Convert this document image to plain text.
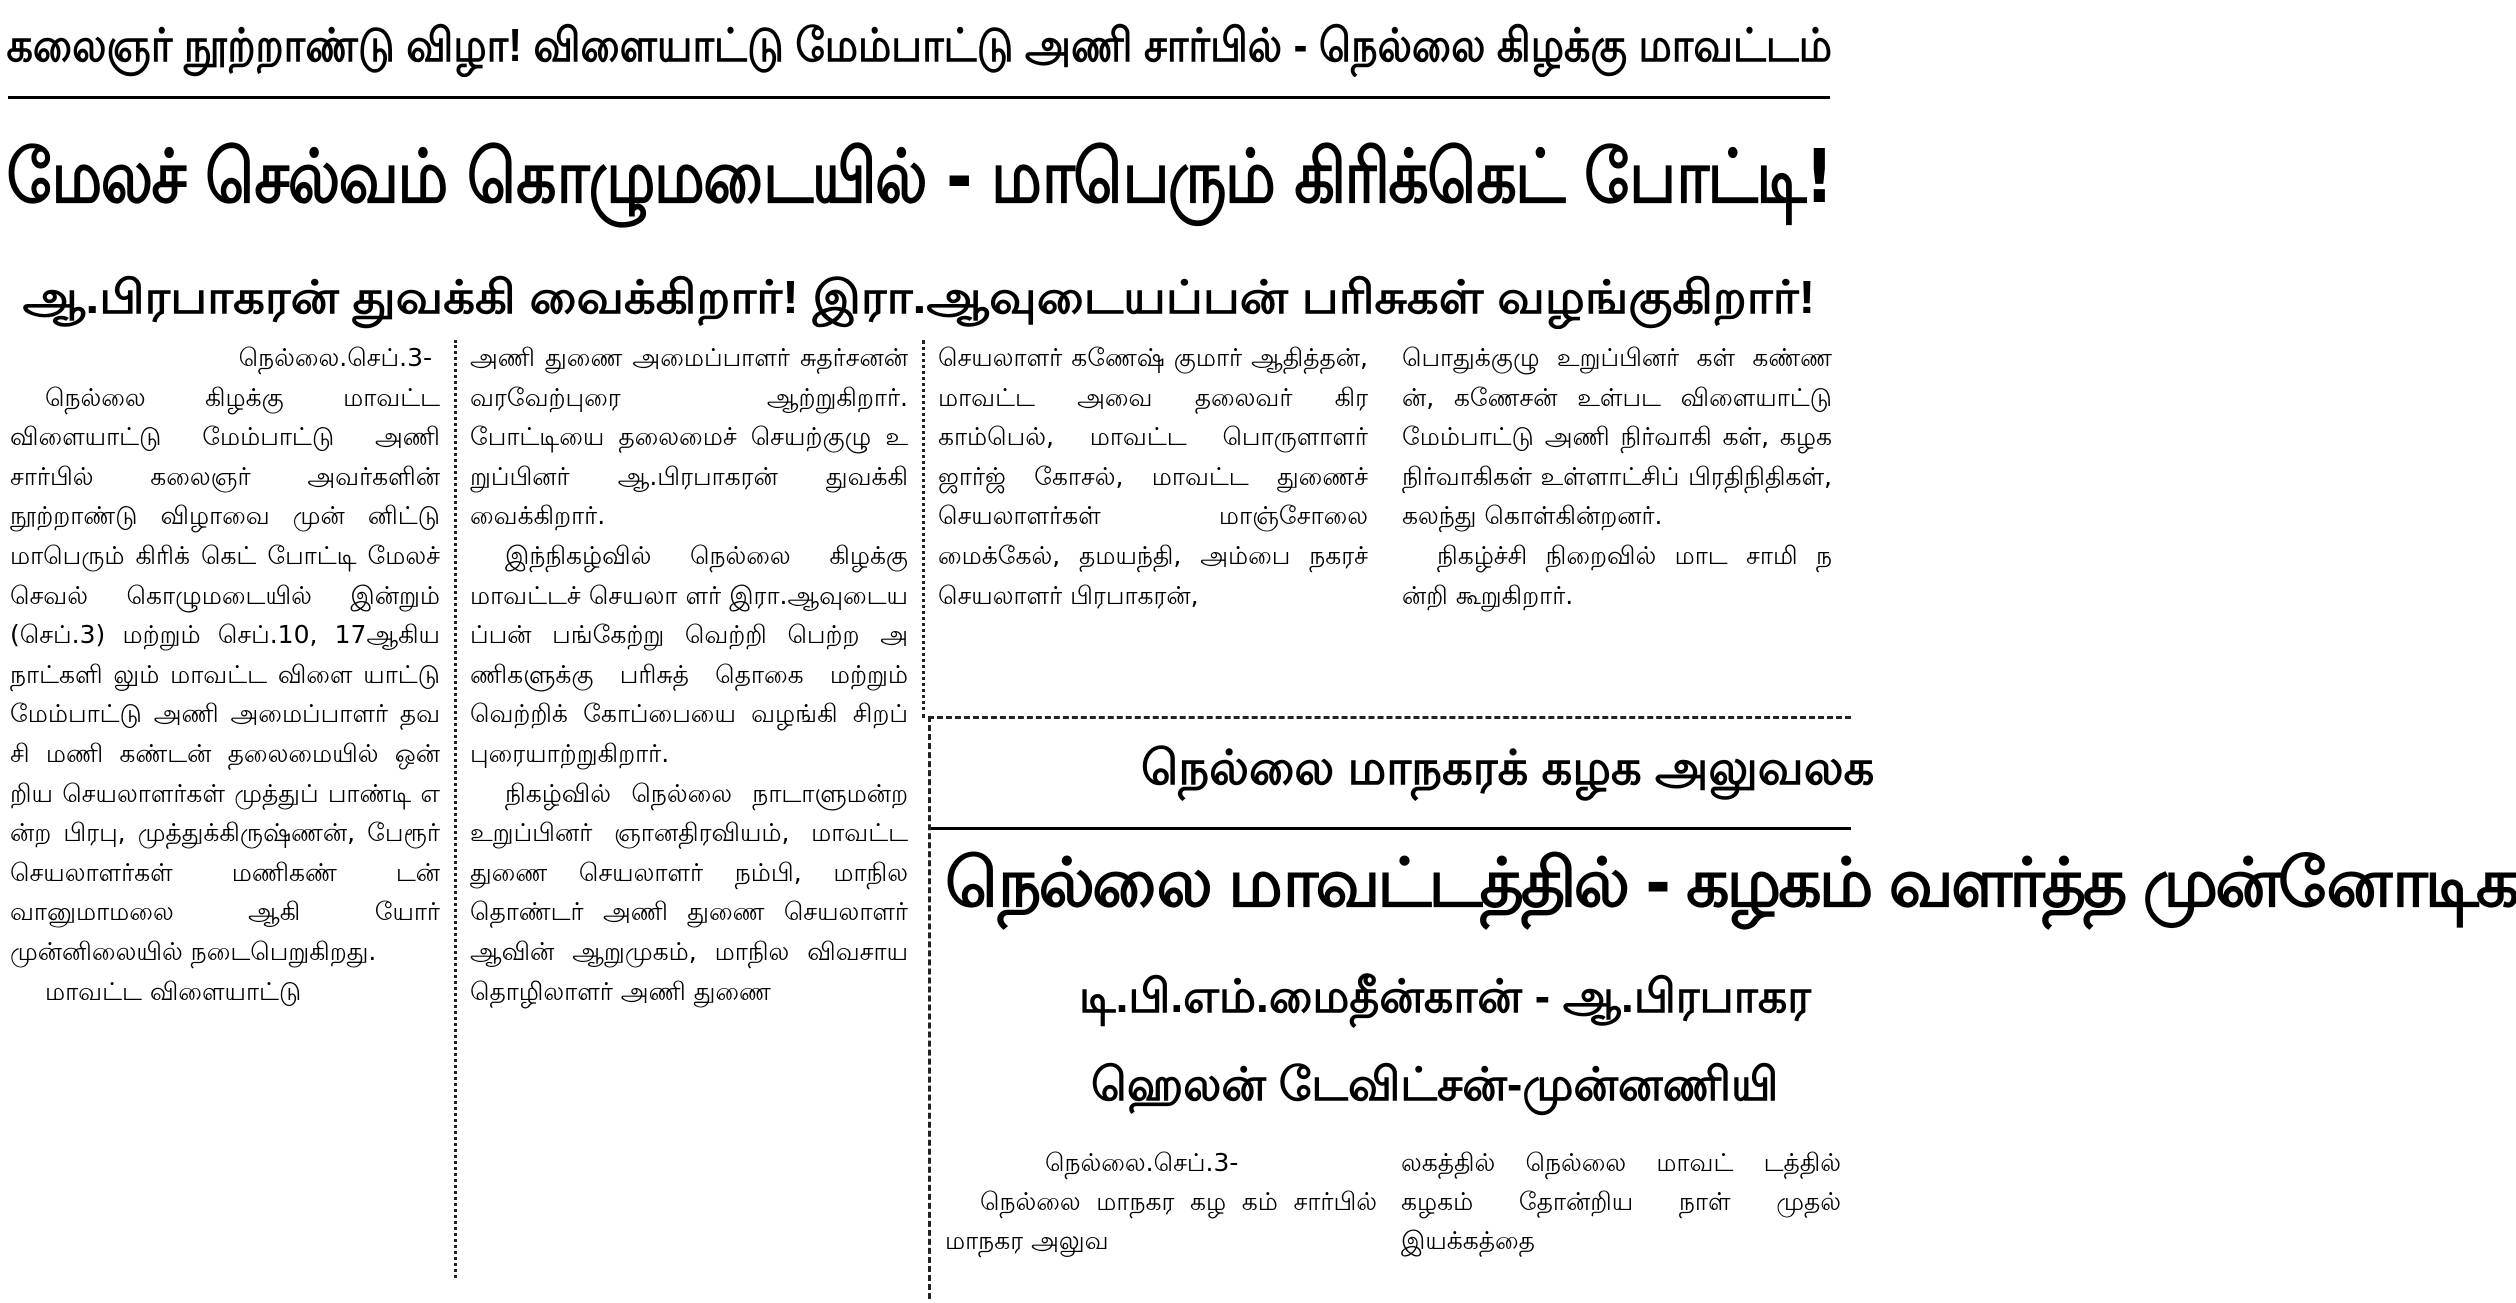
கலைஞர் நூற்றாண்டு விழா! விளையாட்டு மேம்பாட்டு அணி சார்பில் - நெல்லை கிழக்கு மாவட்டம்
மேலச் செல்வம் கொழுமடையில் - மாபெரும் கிரிக்கெட் போட்டி!
ஆ.பிரபாகரன் துவக்கி வைக்கிறார்! இரா.ஆவுடையப்பன் பரிசுகள் வழங்குகிறார்!

நெல்லை.செப்.3-

நெல்லை கிழக்கு மாவட்ட விளையாட்டு மேம்பாட்டு அணி சார்பில் கலைஞர் அவர்களின் நூற்றாண்டு விழாவை முன் னிட்டு மாபெரும் கிரிக் கெட் போட்டி மேலச் செவல் கொழுமடையில் இன்றும் (செப்.3) மற்றும் செப்.10, 17ஆகிய நாட்களி லும் மாவட்ட விளை யாட்டு மேம்பாட்டு அணி அமைப்பாளர் தவசி மணி கண்டன் தலைமையில் ஒன் றிய செயலாளர்கள் முத்துப் பாண்டி என்ற பிரபு, முத்துக்கிருஷ்ணன், பேரூர் செயலாளர்கள் மணிகண் டன் வானுமாமலை ஆகி யோர் முன்னிலையில் நடைபெறுகிறது.

மாவட்ட விளையாட்டு

அணி துணை அமைப்பாளர் சுதர்சனன் வரவேற்புரை ஆற்றுகிறார். போட்டியை தலைமைச் செயற்குழு உறுப்பினர் ஆ.பிரபாகரன் துவக்கி வைக்கிறார்.

இந்நிகழ்வில் நெல்லை கிழக்கு மாவட்டச் செயலா ளர் இரா.ஆவுடையப்பன் பங்கேற்று வெற்றி பெற்ற அணிகளுக்கு பரிசுத் தொகை மற்றும் வெற்றிக் கோப்பையை வழங்கி சிறப் புரையாற்றுகிறார்.

நிகழ்வில் நெல்லை நாடாளுமன்ற உறுப்பினர் ஞானதிரவியம், மாவட்ட துணை செயலாளர் நம்பி, மாநில தொண்டர் அணி துணை செயலாளர் ஆவின் ஆறுமுகம், மாநில விவசாய தொழிலாளர் அணி துணை

செயலாளர் கணேஷ் குமார் ஆதித்தன், மாவட்ட அவை தலைவர் கிரகாம்பெல், மாவட்ட பொருளாளர் ஜார்ஜ் கோசல், மாவட்ட துணைச் செயலாளர்கள் மாஞ்சோலை மைக்கேல், தமயந்தி, அம்பை நகரச் செயலாளர் பிரபாகரன்,

பொதுக்குழு உறுப்பினர் கள் கண்ணன், கணேசன் உள்பட விளையாட்டு மேம்பாட்டு அணி நிர்வாகி கள், கழக நிர்வாகிகள் உள்ளாட்சிப் பிரதிநிதிகள், கலந்து கொள்கின்றனர்.

நிகழ்ச்சி நிறைவில் மாட சாமி நன்றி கூறுகிறார்.

நெல்லை மாநகரக் கழக அலுவலக
நெல்லை மாவட்டத்தில் - கழகம் வளர்த்த முன்னோடிக
டி.பி.எம்.மைதீன்கான் - ஆ.பிரபாகர
ஹெலன் டேவிட்சன்-முன்னணியி

நெல்லை.செப்.3-

நெல்லை மாநகர கழ கம் சார்பில் மாநகர அலுவ

லகத்தில் நெல்லை மாவட் டத்தில் கழகம் தோன்றிய நாள் முதல் இயக்கத்தை
